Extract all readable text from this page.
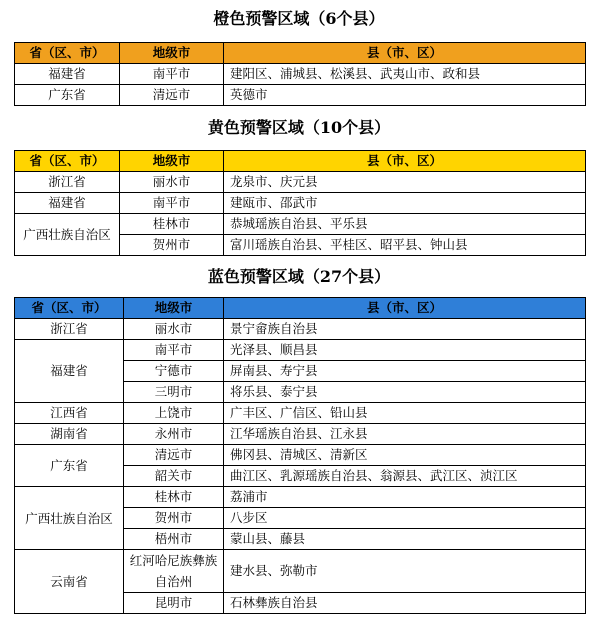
橙色预警区域（6个县）
省（区、市）	地级市	县（市、区）
福建省	南平市	建阳区、浦城县、松溪县、武夷山市、政和县
广东省	清远市	英德市
黄色预警区域（10个县）
省（区、市）	地级市	县（市、区）
浙江省	丽水市	龙泉市、庆元县
福建省	南平市	建瓯市、邵武市
广西壮族自治区	桂林市	恭城瑶族自治县、平乐县
	贺州市	富川瑶族自治县、平桂区、昭平县、钟山县
蓝色预警区域（27个县）
省（区、市）	地级市	县（市、区）
浙江省	丽水市	景宁畲族自治县
福建省	南平市	光泽县、顺昌县
	宁德市	屏南县、寿宁县
	三明市	将乐县、泰宁县
江西省	上饶市	广丰区、广信区、铅山县
湖南省	永州市	江华瑶族自治县、江永县
广东省	清远市	佛冈县、清城区、清新区
	韶关市	曲江区、乳源瑶族自治县、翁源县、武江区、浈江区
广西壮族自治区	桂林市	荔浦市
	贺州市	八步区
	梧州市	蒙山县、藤县
云南省	红河哈尼族彝族自治州	建水县、弥勒市
	昆明市	石林彝族自治县
